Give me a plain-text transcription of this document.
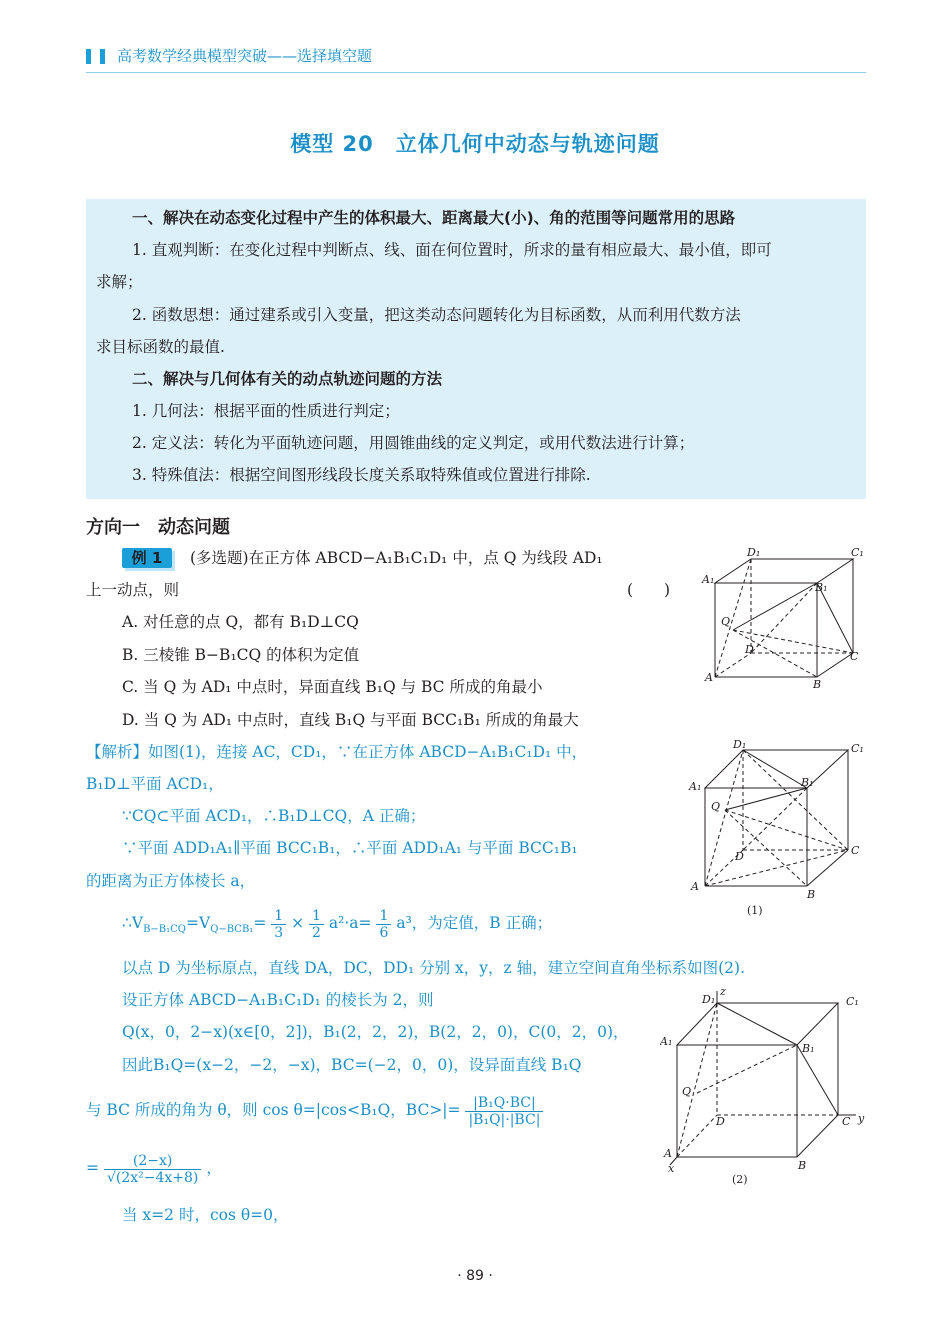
高考数学经典模型突破——选择填空题
模型 20　立体几何中动态与轨迹问题

一、解决在动态变化过程中产生的体积最大、距离最大(小)、角的范围等问题常用的思路

1. 直观判断：在变化过程中判断点、线、面在何位置时，所求的量有相应最大、最小值，即可

求解；

2. 函数思想：通过建系或引入变量，把这类动态问题转化为目标函数，从而利用代数方法

求目标函数的最值.

二、解决与几何体有关的动点轨迹问题的方法

1. 几何法：根据平面的性质进行判定；

2. 定义法：转化为平面轨迹问题，用圆锥曲线的定义判定，或用代数法进行计算；

3. 特殊值法：根据空间图形线段长度关系取特殊值或位置进行排除.

方向一　动态问题
例 1	(多选题)在正方体 ABCD−A₁B₁C₁D₁ 中，点 Q 为线段 AD₁
上一动点，则	(　　)
A. 对任意的点 Q，都有 B₁D⊥CQ
B. 三棱锥 B−B₁CQ 的体积为定值
C. 当 Q 为 AD₁ 中点时，异面直线 B₁Q 与 BC 所成的角最小
D. 当 Q 为 AD₁ 中点时，直线 B₁Q 与平面 BCC₁B₁ 所成的角最大
【解析】如图(1)，连接 AC，CD₁，∵在正方体 ABCD−A₁B₁C₁D₁ 中，
B₁D⊥平面 ACD₁，
∵CQ⊂平面 ACD₁，∴B₁D⊥CQ，A 正确；
∵平面 ADD₁A₁∥平面 BCC₁B₁，∴平面 ADD₁A₁ 与平面 BCC₁B₁
的距离为正方体棱长 a，
$\therefore V_{B-B_1CQ}=V_{Q-BCB_1}= \frac{1}{3} \times \frac{1}{2} a^2\cdot a= \frac{1}{6} a^3$，为定值，B 正确；
以点 D 为坐标原点，直线 DA，DC，DD₁ 分别 x，y，z 轴，建立空间直角坐标系如图(2).
设正方体 ABCD−A₁B₁C₁D₁ 的棱长为 2，则
Q(x，0，2−x)(x∈[0，2])，B₁(2，2，2)，B(2，2，0)，C(0，2，0)，
因此B₁Q=(x−2，−2，−x)，BC=(−2，0，0)，设异面直线 B₁Q
与 BC 所成的角为 θ，则 cos θ=|cos<B₁Q，$BC>|= \frac{\text{|B₁Q·BC|}}{\text{|B₁Q|·|BC|}}$
= $\frac{(2-x)}{\text{√(2x²−4x+8)}}$ ，
当 x=2 时，cos θ=0，
D₁	C₁
A₁
B₁
Q
D
C
A
B
D₁	C₁
A₁	B₁
Q
D	C
A
B
(1)
D₁
z
C₁
A₁
B₁
Q
D	C y
A
x	B
(2)
· 89 ·
